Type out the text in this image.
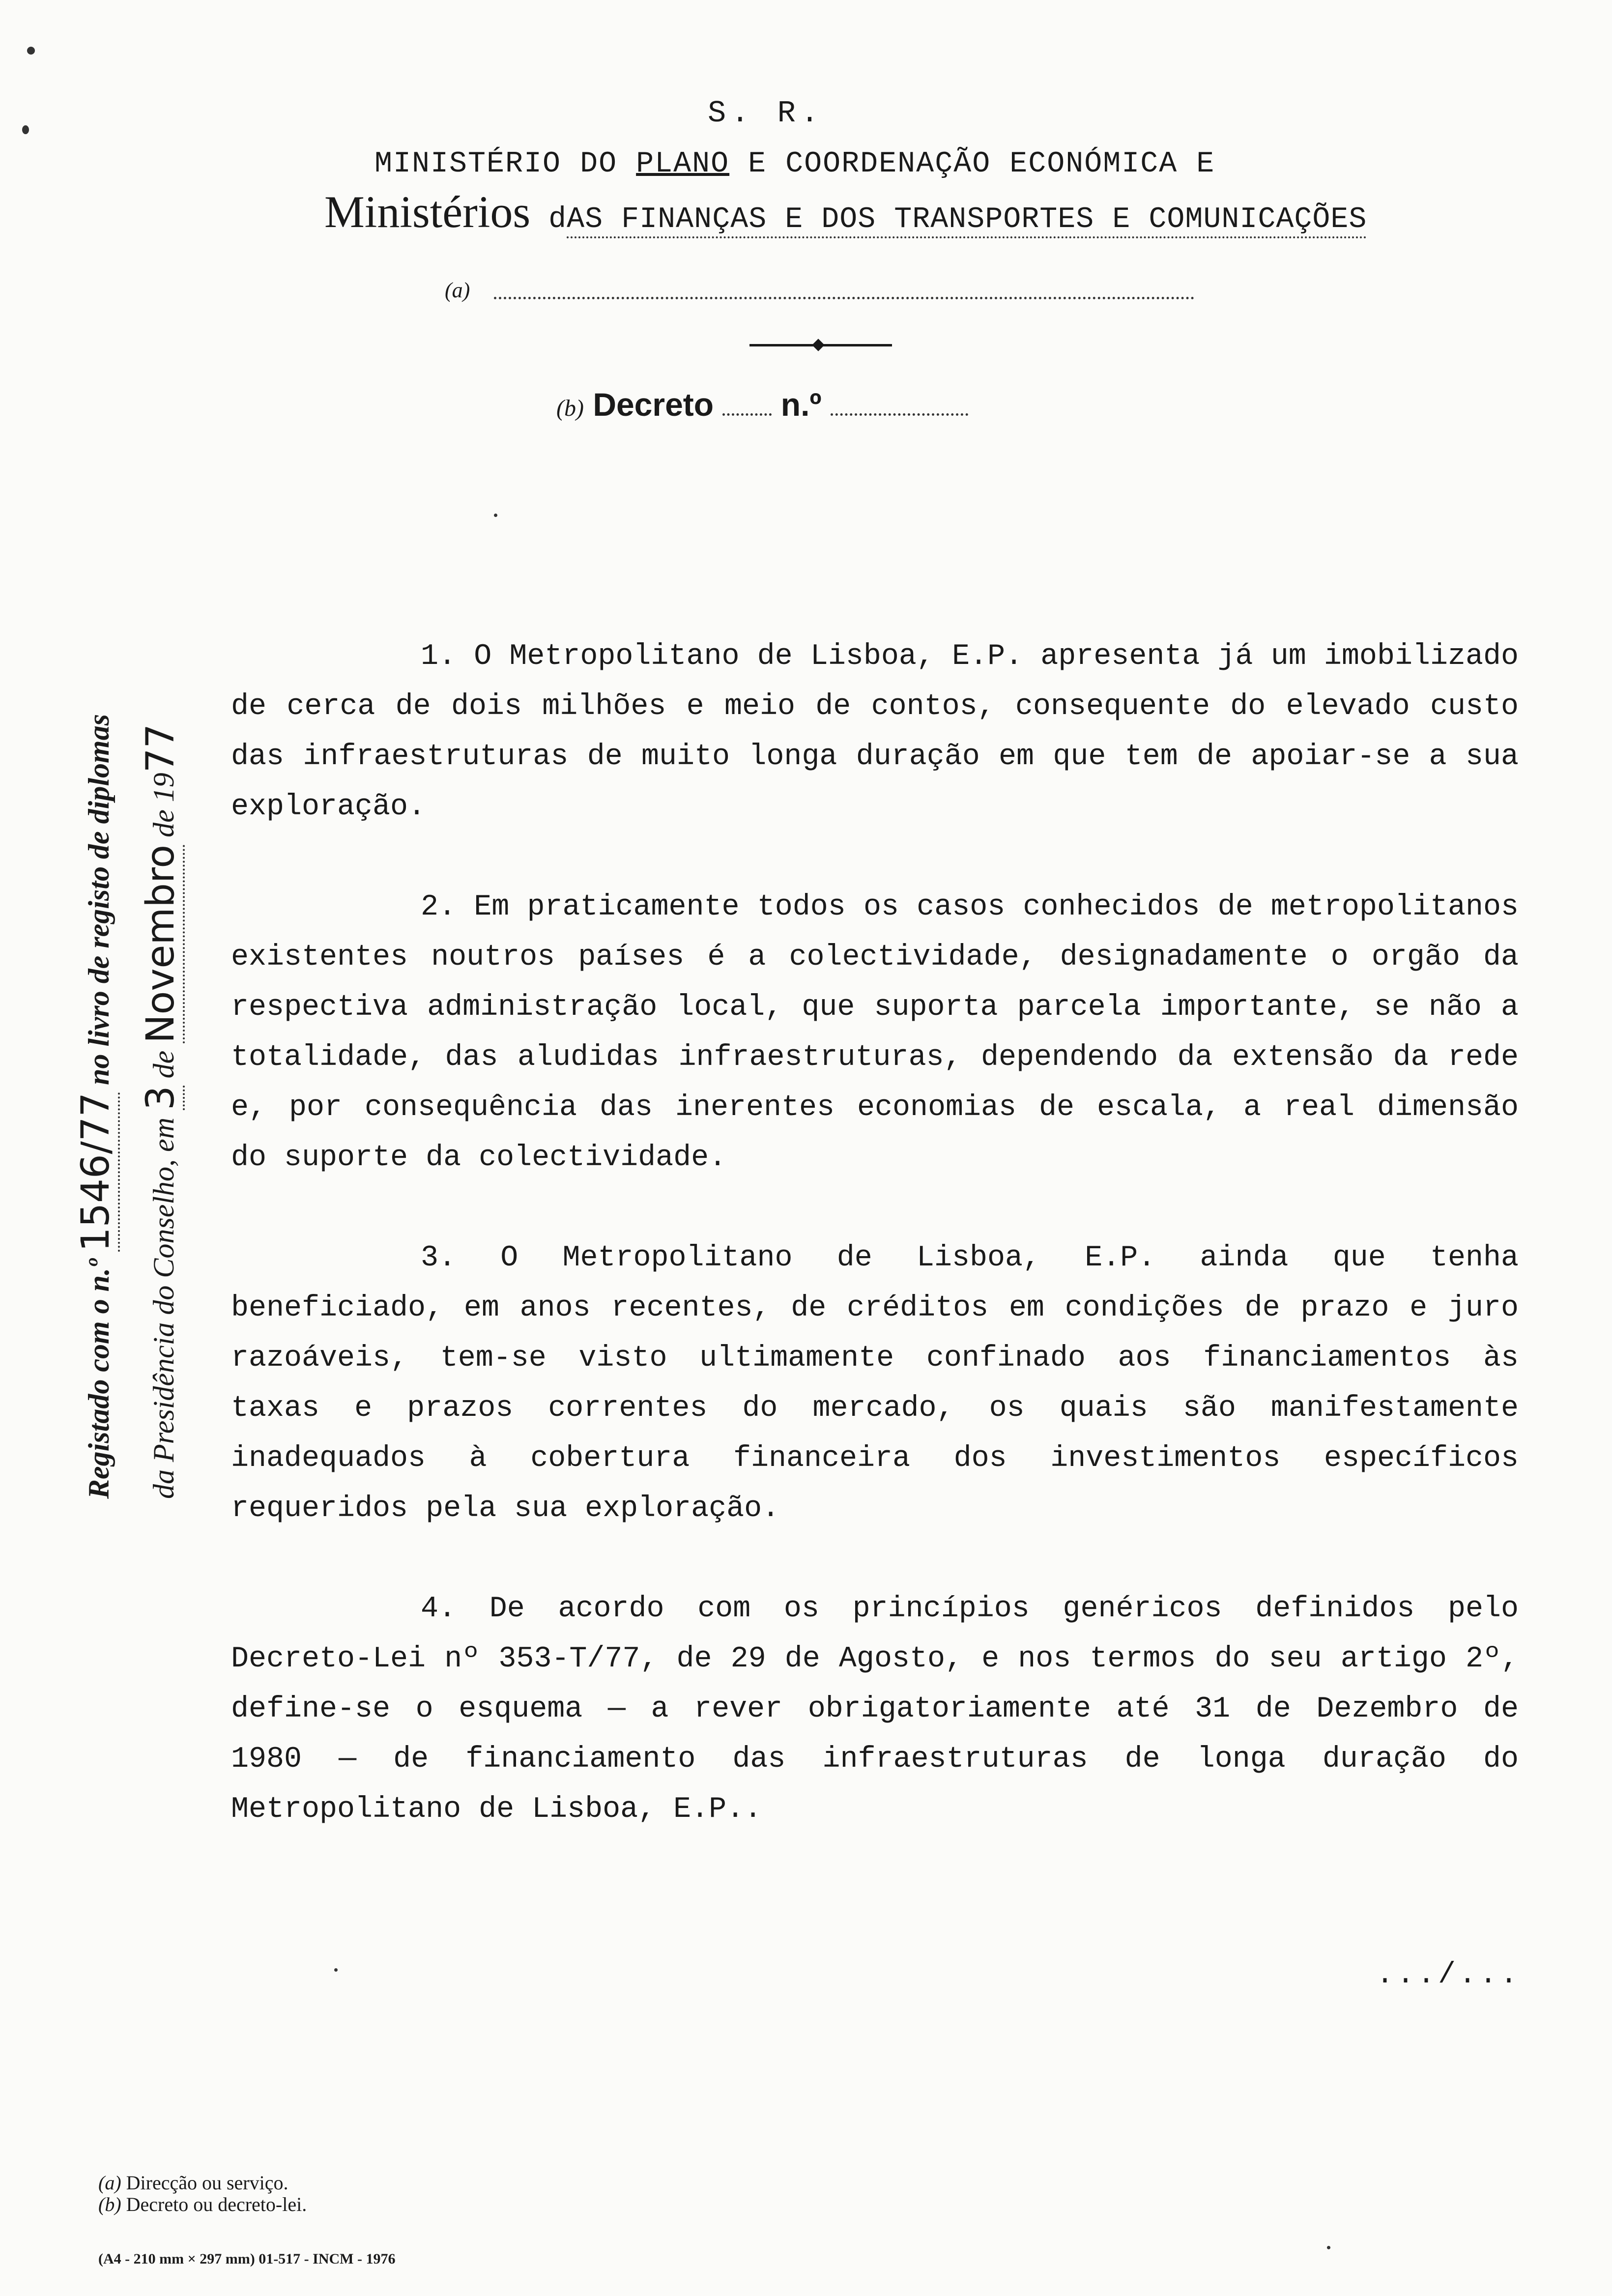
S. R.
MINISTÉRIO DO PLANO E COORDENAÇÃO ECONÓMICA E
Ministérios dAS FINANÇAS E DOS TRANSPORTES E COMUNICAÇÕES
(a)
(b) Decreto n.º
Registado com o n.º 1546/77 no livro de registo de diplomas
da Presidência do Conselho, em 3 de Novembro de 1977

1. O Metropolitano de Lisboa, E.P. apresenta já um imobilizado de cerca de dois milhões e meio de contos, consequente do elevado custo das infraestruturas de muito longa duração em que tem de apoiar-se a sua exploração.

2. Em praticamente todos os casos conhecidos de metropolitanos existentes noutros países é a colectividade, designadamente o orgão da respectiva administração local, que suporta parcela importante, se não a totalidade, das aludidas infraestruturas, dependendo da extensão da rede e, por consequência das inerentes economias de escala, a real dimensão do suporte da colectividade.

3. O Metropolitano de Lisboa, E.P. ainda que tenha beneficiado, em anos recentes, de créditos em condições de prazo e juro razoáveis, tem-se visto ultimamente confinado aos financiamentos às taxas e prazos correntes do mercado, os quais são manifestamente inadequados à cobertura financeira dos investimentos específicos requeridos pela sua exploração.

4. De acordo com os princípios genéricos definidos pelo Decreto-Lei nº 353-T/77, de 29 de Agosto, e nos termos do seu artigo 2º, define-se o esquema — a rever obrigatoriamente até 31 de Dezembro de 1980 — de financiamento das infraestruturas de longa duração do Metropolitano de Lisboa, E.P..

.../...
(a) Direcção ou serviço.
(b) Decreto ou decreto-lei.
(A4 - 210 mm × 297 mm) 01-517 - INCM - 1976
